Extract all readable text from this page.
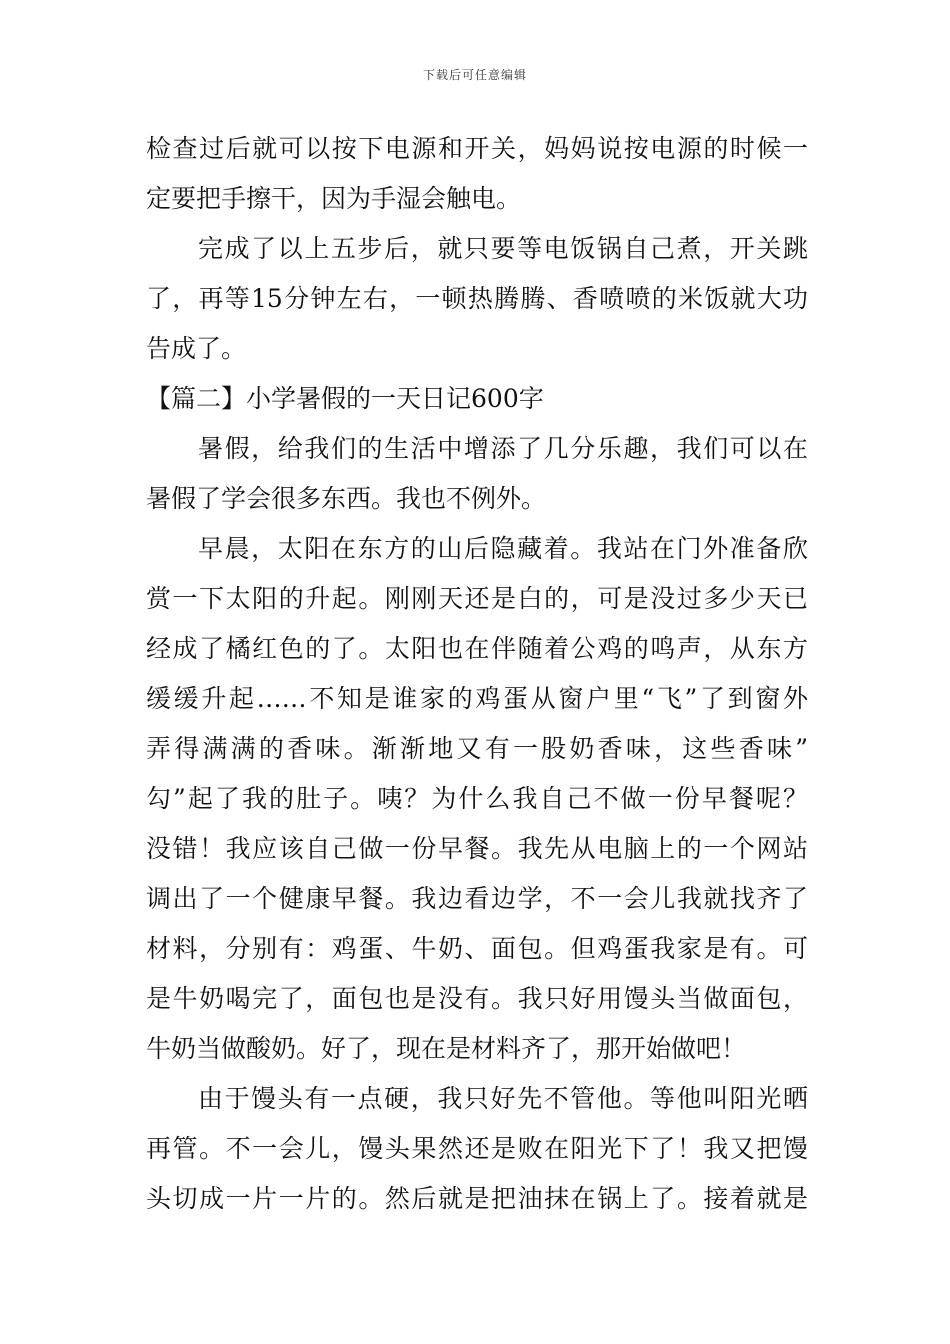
下载后可任意编辑
检查过后就可以按下电源和开关，妈妈说按电源的时候一
定要把手擦干，因为手湿会触电。
完成了以上五步后，就只要等电饭锅自己煮，开关跳
了，再等15分钟左右，一顿热腾腾、香喷喷的米饭就大功
告成了。
【篇二】小学暑假的一天日记600字
暑假，给我们的生活中增添了几分乐趣，我们可以在
暑假了学会很多东西。我也不例外。
早晨，太阳在东方的山后隐藏着。我站在门外准备欣
赏一下太阳的升起。刚刚天还是白的，可是没过多少天已
经成了橘红色的了。太阳也在伴随着公鸡的鸣声，从东方
缓缓升起……不知是谁家的鸡蛋从窗户里“飞”了到窗外
弄得满满的香味。渐渐地又有一股奶香味，这些香味”
勾”起了我的肚子。咦？为什么我自己不做一份早餐呢？
没错！我应该自己做一份早餐。我先从电脑上的一个网站
调出了一个健康早餐。我边看边学，不一会儿我就找齐了
材料，分别有：鸡蛋、牛奶、面包。但鸡蛋我家是有。可
是牛奶喝完了，面包也是没有。我只好用馒头当做面包，
牛奶当做酸奶。好了，现在是材料齐了，那开始做吧！
由于馒头有一点硬，我只好先不管他。等他叫阳光晒
再管。不一会儿，馒头果然还是败在阳光下了！我又把馒
头切成一片一片的。然后就是把油抹在锅上了。接着就是
